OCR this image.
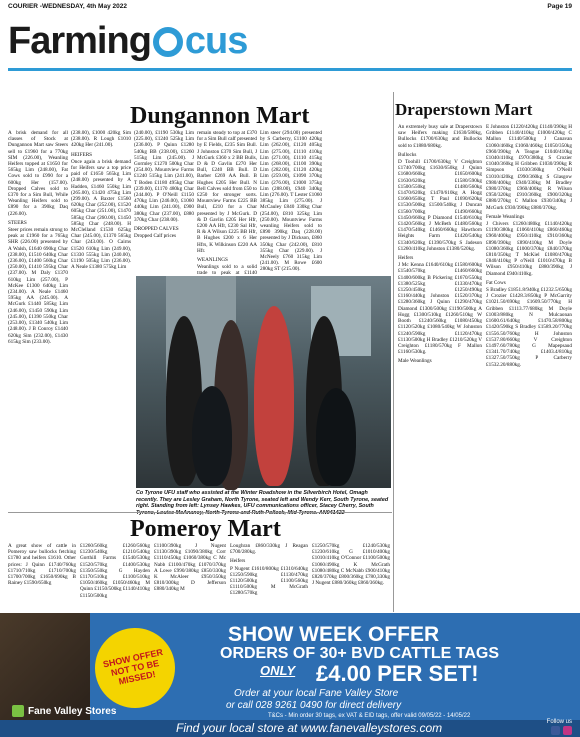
COURIER -WEDNESDAY, 4th May 2022	Page 19
Farming cus
Dungannon Mart

A brisk demand for all classes of Stock at Dungannon Mart saw Steers sell to £1960 for a 770kg SIM (226.00), Weanling Heifers topped at £1650 for 565kg Lim (248.00), Fat Cows sold to £990 for a 600kg Her (157.00). Dropped Calves sold to £370 for a Sim Bull, While Weanling Heifers sold to £890 for a 390kg Daq (226.00).

STEERS

Steer prices remain strong to peak at £1960 for a 765kg SHR (226.00) presented by A Walsh, £1640 690kg Char (238.00), £1510 640kg Char (236.00), £1400 560kg Char (250.00), £1410 595kg Char (237.00). M Daly £1370 610kg Lim (257.00), P McKee £1300 640kg Lim (234.00). A Neale £1460 595kg AA (245.00). A McGurk £1440 585kg Lim (246.00), £1450 590kg Lim (245.00), £1390 550kg Char (253.00), £1340 540kg Lim (248.00). J B Conroy £1440 620kg Sim (232.00), £1430 615kg Sim (233.00).

(238.00), £1000 420kg Sim (238.00). R Lough £1010 420kg Her (241.00).

HEIFERS

Once again a brisk demand for Heifers saw a top price paid of £1650 565kg Lim (248.00) presented by A Hadden, £1460 550kg Lim (265.00), £1420 475kg Lim (299.00). A Baxter £1560 620kg Char (252.00), £1520 605kg Char (251.00), £1470 585kg Char (260.00), £1450 585kg Char (248.00). H McClelland £1530 625kg Char (245.00), £1370 565kg Char (243.00). O Cairns £1520 610kg Lim (249.00), £1330 555kg Lim (240.00), £1190 505kg Lim (236.00). A Neale £1380 575kg Lim

(240.00), £1190 530kg Lim (225.00), £1240 525kg Lim (236.00). P Quinn £1280 540kg BB (238.00), £1260 515kg Lim (245.00). J Gormley £1270 500kg Char (254.00). Mountview Farms £1240 515kg Lim (241.00), T Boden £1180 495kg Char (239.00), £1170 480kg Char (244.00). P O'Neill £1150 470kg Lim (246.00), £1060 440kg Lim (241.00), £900 380kg Char (237.00), £880 370kg Char (238.00).

DROPPED CALVES

Dropped Calf prices

remain steady to top at £370 for a Sim Bull calf presented by E Fields, £235 Sim Bull. J Johnston £370 Sim Bull, J McGurk £360 x 2 BB Bulls, D & D Gavlin £270 Her Bull, £240 BB Bull. D Barber £269 AA Bull. B Hughes £205 Her Bull. N Bell Calves sold from £50 to £250 for stronger sorts. Mountview Farms £225 BB Bull, £210 for a Char presented by J McGurk. D & D Gavlin £205 Her Hfr, £200 AA Hfr, £230 Sal Hfr, R & A Wilson £225 BB Hfr, B Hughes £200 x 6 Her Hfrs, K Wilkinson £220 AA Hfr.

WEANLINGS

Weanlings sold to a solid trade to peak at £1140

Lim steer (294.00) presented by S Carberry, £1100 420kg Lim (262.00), £1120 405kg Lim (275.00), £1110 410kg Lim (271.00), £1110 415kg Lim (268.00), £1100 390kg Lim (282.00), £1120 420kg Lim (259.00), £1090 370kg Lim (276.00), £1000 375kg Lim (288.00), £940 340kg Lim (276.00). T Lester £1060 385kg Lim (275.00). J McCauley £840 330kg Char (254.00), £810 325kg Lim (250.00). Mountview Farms weanling Heifers sold to £890 390kg Daq (228.00) presented by J Dickson, £860 350kg Char (242.00), £810 355kg Char (229.00). J McNeely £760 315kg Lim (241.00). M Rowe £600 280kg ST (215.00).

Co Tyrone UFU staff who assisted at the Winter Roadshow in the Silverbirch Hotel, Omagh recently. They are Lesley Graham, North Tyrone, seated left and Wendy Kerr, South Tyrone, seated right. Standing from left: Lynsey Hawkes, UFU communications officer, Stacey Cherry, South
Draperstown Mart

An extremely busy sale at Draperstown saw Heifers making £1630/580kg, Bullocks £1700/630kg and Bullocks sold to £1880/680kg.

Bullocks

D Toohill £1700/630kg V Creighton £1740/700kg £1630/650kg J Quinn £1680/660kg £1650/600kg £1630/620kg £1580/590kg £1500/550kg £1480/560kg £1470/620kg £1470/610kg A Hogg £1660/650kg T Paul £1690/620kg £1530/500kg £1500/540kg J Duncan £1560/700kg £1490/660kg £1450/660kg P Diamond £1540/610kg £1420/560kg J McBeth £1480/560kg £1470/540kg £1460/660kg Hawthorn Heights Farm £1420/540kg £1340/620kg £1390/570kg S Jadeson £1260/410kg Johnston £1380/520kg.

Heifers

J Mc Kenna £1640/610kg £1580/600kg £1540/570kg £1460/660kg £1400/600kg B Pickering £1670/550kg £1380/525kg £1330/470kg £1250/450kg £1250/490kg £1160/440kg Johnston £1520/370kg £1280/360kg J Quinn £1290/470kg Diamond £1300/500kg £1190/500kg A Hogg £1300/510kg £1260/510kg W Booth £1240/560kg £1080/450kg £1120/520kg £1080/540kg W Johnston £1240/590kg £1120/470kg £1130/500kg H Bradley £1210/520kg V Creighton £1180/570kg F Mallon £1160/530kg.

Male Weanlings

E Johnston £1220/420kg £1140/390kg H Gribben £1140/410kg £1000/420kg C Mallon £1140/500kg J Canavan £1060/460kg £1060/460kg £1050/350kg £960/390kg A Teague £1040/410kg £1040/410kg £970/380kg S Crozier £1040/360kg H Gribben £1030/390kg R Simpson £1030/360kg O'Neill £1010/420kg £990/360kg S Glasgow £980/400kg £940/330kg M Bradley £980/370kg £960/400kg R Wilson £950/320kg £910/360kg £900/320kg £880/270kg C Mallon £930/340kg J McGurk £930/390kg £880/370kg.

Female Weanlings

J Chivers £1260/480kg £1140/420kg £1190/380kg £1060/410kg £860/460kg £960/400kg £950/410kg £910/360kg £890/390kg £890/410kg M Doyle £1080/360kg £1000/370kg £840/370kg £810/350kg T McKiel £1080/470kg £840/410kg P o'Neill £1010/470kg B Wilson £950/410kg £880/390kg J Diamond £940/410kg.

Fat Cows

S Bradley £1851.8/940kg £1232.5/650kg J Crozier £1428.3/850kg P McGarrity £1021.50/690kg £1609.50/770kg H Gribben £1113.77/680kg M Doyle £1003/880kg N Mulcaonan £1600.61/640kg £1470.58/800kg £1420/590kg S Bradley £1589.20/770kg £1556.50/760kg H Johnston £1537.80/660kg V Creighton £1497.60/780kg G Mapepsaud £1341.70/740kg £1403.4/810kg £1327.50/750kg P Carberry £1532.20/880kg.

Pomeroy Mart

A great show of cattle in Pomeroy saw bullocks fetching £1780 and heifers £1610. Other prices: J Quinn £1740/760kg £1710/710kg £1710/700kg £1700/700kg £1650/690kg B Rainey £1590/650kg

£1260/560kg £1260/560kg £1230/540kg £1210/540kg Gorthill Farms £1540/530kg £1520/570kg £1400/530kg £1350/550kg G Hayden £1170/510kg £1100/510kg £1050/460kg £1050/460kg M Quinn £1150/500kg £1140/410kg £1150/500kg

£1100/390kg J Nugent £1130/390kg £1090/380kg Corr £1110/450kg £1060/380kg C Mc Nabb £1100/470kg £1070/370kg A Lowe £990/380kg £850/330kg K McAleer £950/350kg £810/300kg D Jefferson £880/340kg M

Loughran £860/330kg J Reagan £700/280kg.

Heifers

P Nugent £1610/800kg £1310/640kg £1250/590kg £1130/470kg £1120/500kg £1100/560kg £1110/500kg M McGrath £1280/570kg

£1250/570kg £1240/530kg £1230/610kg G £1010/400kg £1010/410kg O'Connor £1100/500kg £1060/490kg K McGrath £1080/480kg C McNabb £900/410kg £820/370kg £800/360kg £780,330kg J Nugent £880/360kg £860/360kg.

SHOW OFFER NOT TO BE MISSED!
SHOW WEEK OFFER
ORDERS OF 30+ BVD CATTLE TAGS
ONLY £4.00 PER SET!
Order at your local Fane Valley Store
or call 028 9261 0490 for direct delivery
T&Cs - Min order 30 tags, ex VAT & EID tags, offer valid 09/05/22 - 14/05/22
Fane Valley Stores
Find your local store at www.fanevalleystores.com	Follow us
